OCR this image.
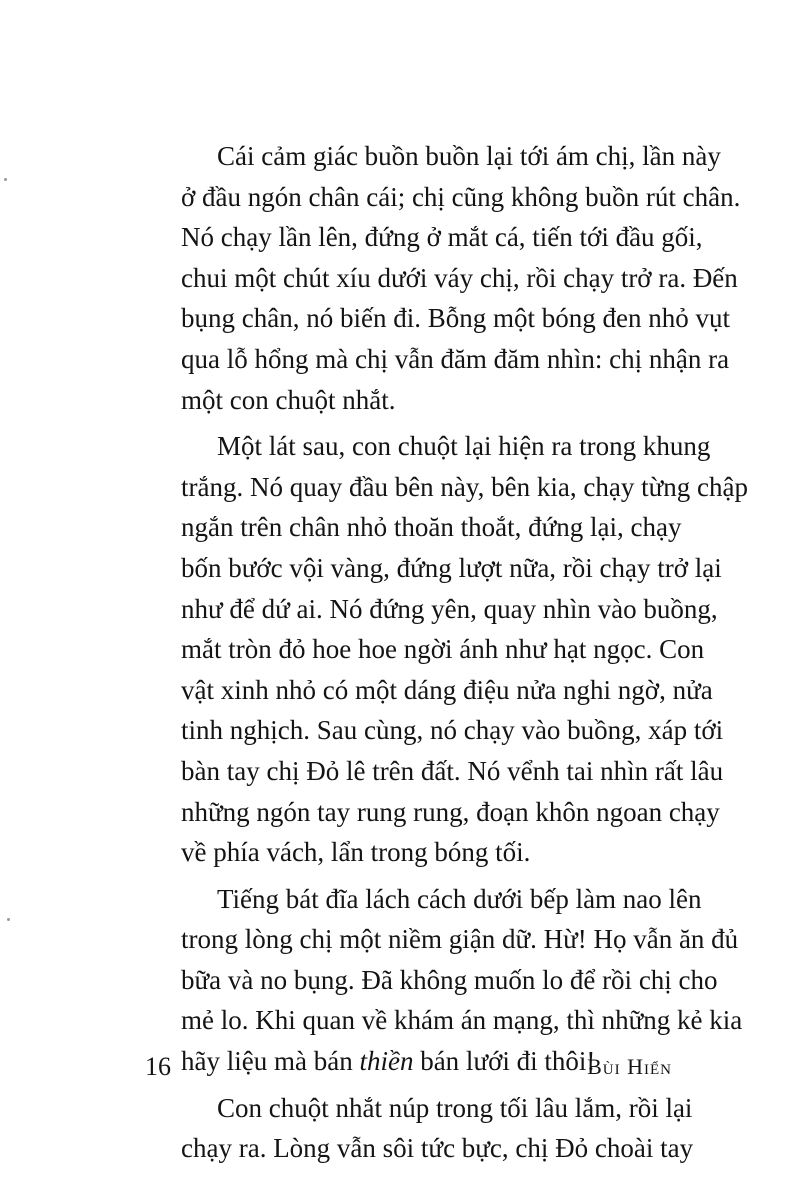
Cái cảm giác buồn buồn lại tới ám chị, lần này
ở đầu ngón chân cái; chị cũng không buồn rút chân.
Nó chạy lần lên, đứng ở mắt cá, tiến tới đầu gối,
chui một chút xíu dưới váy chị, rồi chạy trở ra. Đến
bụng chân, nó biến đi. Bỗng một bóng đen nhỏ vụt
qua lỗ hổng mà chị vẫn đăm đăm nhìn: chị nhận ra
một con chuột nhắt.

Một lát sau, con chuột lại hiện ra trong khung
trắng. Nó quay đầu bên này, bên kia, chạy từng chập
ngắn trên chân nhỏ thoăn thoắt, đứng lại, chạy
bốn bước vội vàng, đứng lượt nữa, rồi chạy trở lại
như để dứ ai. Nó đứng yên, quay nhìn vào buồng,
mắt tròn đỏ hoe hoe ngời ánh như hạt ngọc. Con
vật xinh nhỏ có một dáng điệu nửa nghi ngờ, nửa
tinh nghịch. Sau cùng, nó chạy vào buồng, xáp tới
bàn tay chị Đỏ lê trên đất. Nó vểnh tai nhìn rất lâu
những ngón tay rung rung, đoạn khôn ngoan chạy
về phía vách, lẩn trong bóng tối.

Tiếng bát đĩa lách cách dưới bếp làm nao lên
trong lòng chị một niềm giận dữ. Hừ! Họ vẫn ăn đủ
bữa và no bụng. Đã không muốn lo để rồi chị cho
mẻ lo. Khi quan về khám án mạng, thì những kẻ kia
hãy liệu mà bán thiền bán lưới đi thôi!

Con chuột nhắt núp trong tối lâu lắm, rồi lại
chạy ra. Lòng vẫn sôi tức bực, chị Đỏ choài tay

16	Bùi Hiển
